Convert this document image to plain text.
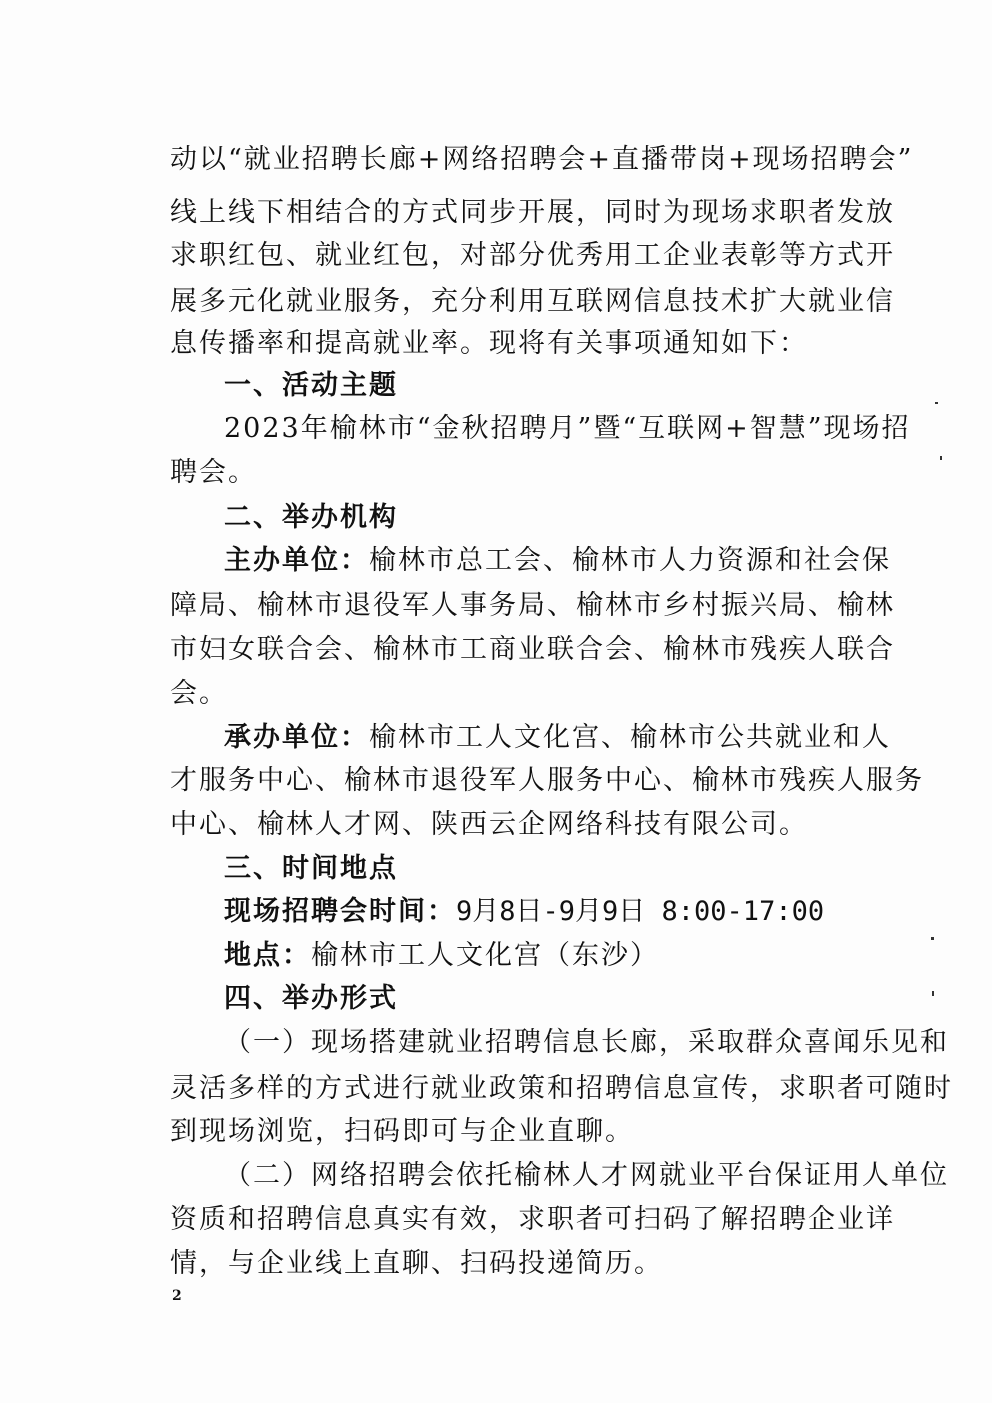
动以“就业招聘长廊+网络招聘会+直播带岗+现场招聘会”
线上线下相结合的方式同步开展，同时为现场求职者发放
求职红包、就业红包，对部分优秀用工企业表彰等方式开
展多元化就业服务，充分利用互联网信息技术扩大就业信
息传播率和提高就业率。现将有关事项通知如下：
一、活动主题
2023年榆林市“金秋招聘月”暨“互联网+智慧”现场招
聘会。
二、举办机构
主办单位：榆林市总工会、榆林市人力资源和社会保
障局、榆林市退役军人事务局、榆林市乡村振兴局、榆林
市妇女联合会、榆林市工商业联合会、榆林市残疾人联合
会。
承办单位：榆林市工人文化宫、榆林市公共就业和人
才服务中心、榆林市退役军人服务中心、榆林市残疾人服务
中心、榆林人才网、陕西云企网络科技有限公司。
三、时间地点
现场招聘会时间：9月8日-9月9日 8:00-17:00
地点：榆林市工人文化宫（东沙）
四、举办形式
（一）现场搭建就业招聘信息长廊，采取群众喜闻乐见和
灵活多样的方式进行就业政策和招聘信息宣传，求职者可随时
到现场浏览，扫码即可与企业直聊。
（二）网络招聘会依托榆林人才网就业平台保证用人单位
资质和招聘信息真实有效，求职者可扫码了解招聘企业详
情，与企业线上直聊、扫码投递简历。
2
